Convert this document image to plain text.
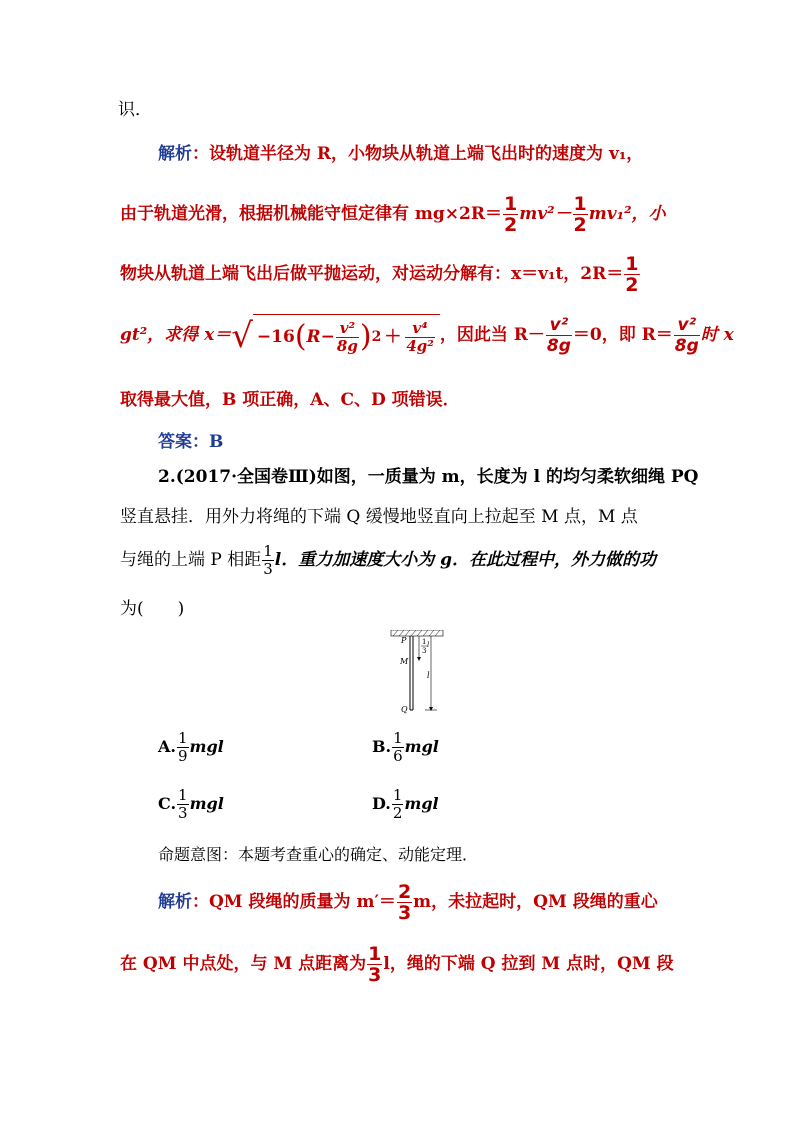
识．
解析：设轨道半径为 R，小物块从轨道上端飞出时的速度为 v₁，
由于轨道光滑，根据机械能守恒定律有 $mg\times 2R= \frac{1}{2} mv^2- \frac{1}{2} mv_1^2$，小
物块从轨道上端飞出后做平抛运动，对运动分解有：x＝v₁t，$2R= \frac{1}{2}$
gt²，求得 x＝ √ −16 ( $R- \frac{\text{v²}}{8g}$ ) $2 + \frac{\text{v⁴}}{\text{4g²}}$ ，因此当 $R- \frac{\text{v²}}{8g} =0$，即 $R= \frac{\text{v²}}{8g}$ 时 x
取得最大值，B 项正确，A、C、D 项错误．
答案：B
2.(2017·全国卷Ⅲ)如图，一质量为 m，长度为 l 的均匀柔软细绳 PQ
竖直悬挂．用外力将绳的下端 Q 缓慢地竖直向上拉起至 M 点，M 点
与绳的上端 P 相距 $\frac{1}{3}$ l．重力加速度大小为 g．在此过程中，外力做的功
为(　　)
P
M
Q
1
3
l
l
A. $\frac{1}{9}$ mgl	B. $\frac{1}{6}$ mgl
C. $\frac{1}{3}$ mgl	D. $\frac{1}{2}$ mgl
命题意图：本题考查重心的确定、动能定理．
解析：QM 段绳的质量为 $m'= \frac{2}{3}$ m，未拉起时，QM 段绳的重心
在 QM 中点处，与 M 点距离为 $\frac{1}{3}$ l，绳的下端 Q 拉到 M 点时，QM 段
